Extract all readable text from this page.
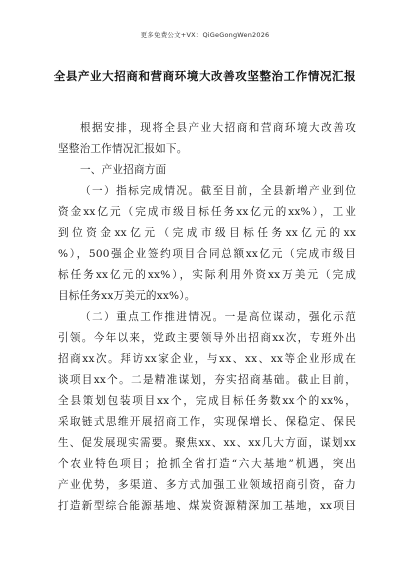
更多免费公文+VX：QiGeGongWen2026
全县产业大招商和营商环境大改善攻坚整治工作情况汇报
根据安排，现将全县产业大招商和营商环境大改善攻
坚整治工作情况汇报如下。
一、产业招商方面
（一）指标完成情况。截至目前，全县新增产业到位
资金xx亿元（完成市级目标任务xx亿元的xx%），工业
到位资金xx亿元（完成市级目标任务xx亿元的xx
%），500强企业签约项目合同总额xx亿元（完成市级目
标任务xx亿元的xx%），实际利用外资xx万美元（完成
目标任务xx万美元的xx%）。
（二）重点工作推进情况。一是高位谋动，强化示范
引领。今年以来，党政主要领导外出招商xx次，专班外出
招商xx次。拜访xx家企业，与xx、xx、xx等企业形成在
谈项目xx个。二是精准谋划，夯实招商基础。截止目前，
全县策划包装项目xx个，完成目标任务数xx个的xx%，
采取链式思维开展招商工作，实现保增长、保稳定、保民
生、促发展现实需要。聚焦xx、xx、xx几大方面，谋划xx
个农业特色项目；抢抓全省打造“六大基地”机遇，突出
产业优势，多渠道、多方式加强工业领域招商引资，奋力
打造新型综合能源基地、煤炭资源精深加工基地，xx项目
